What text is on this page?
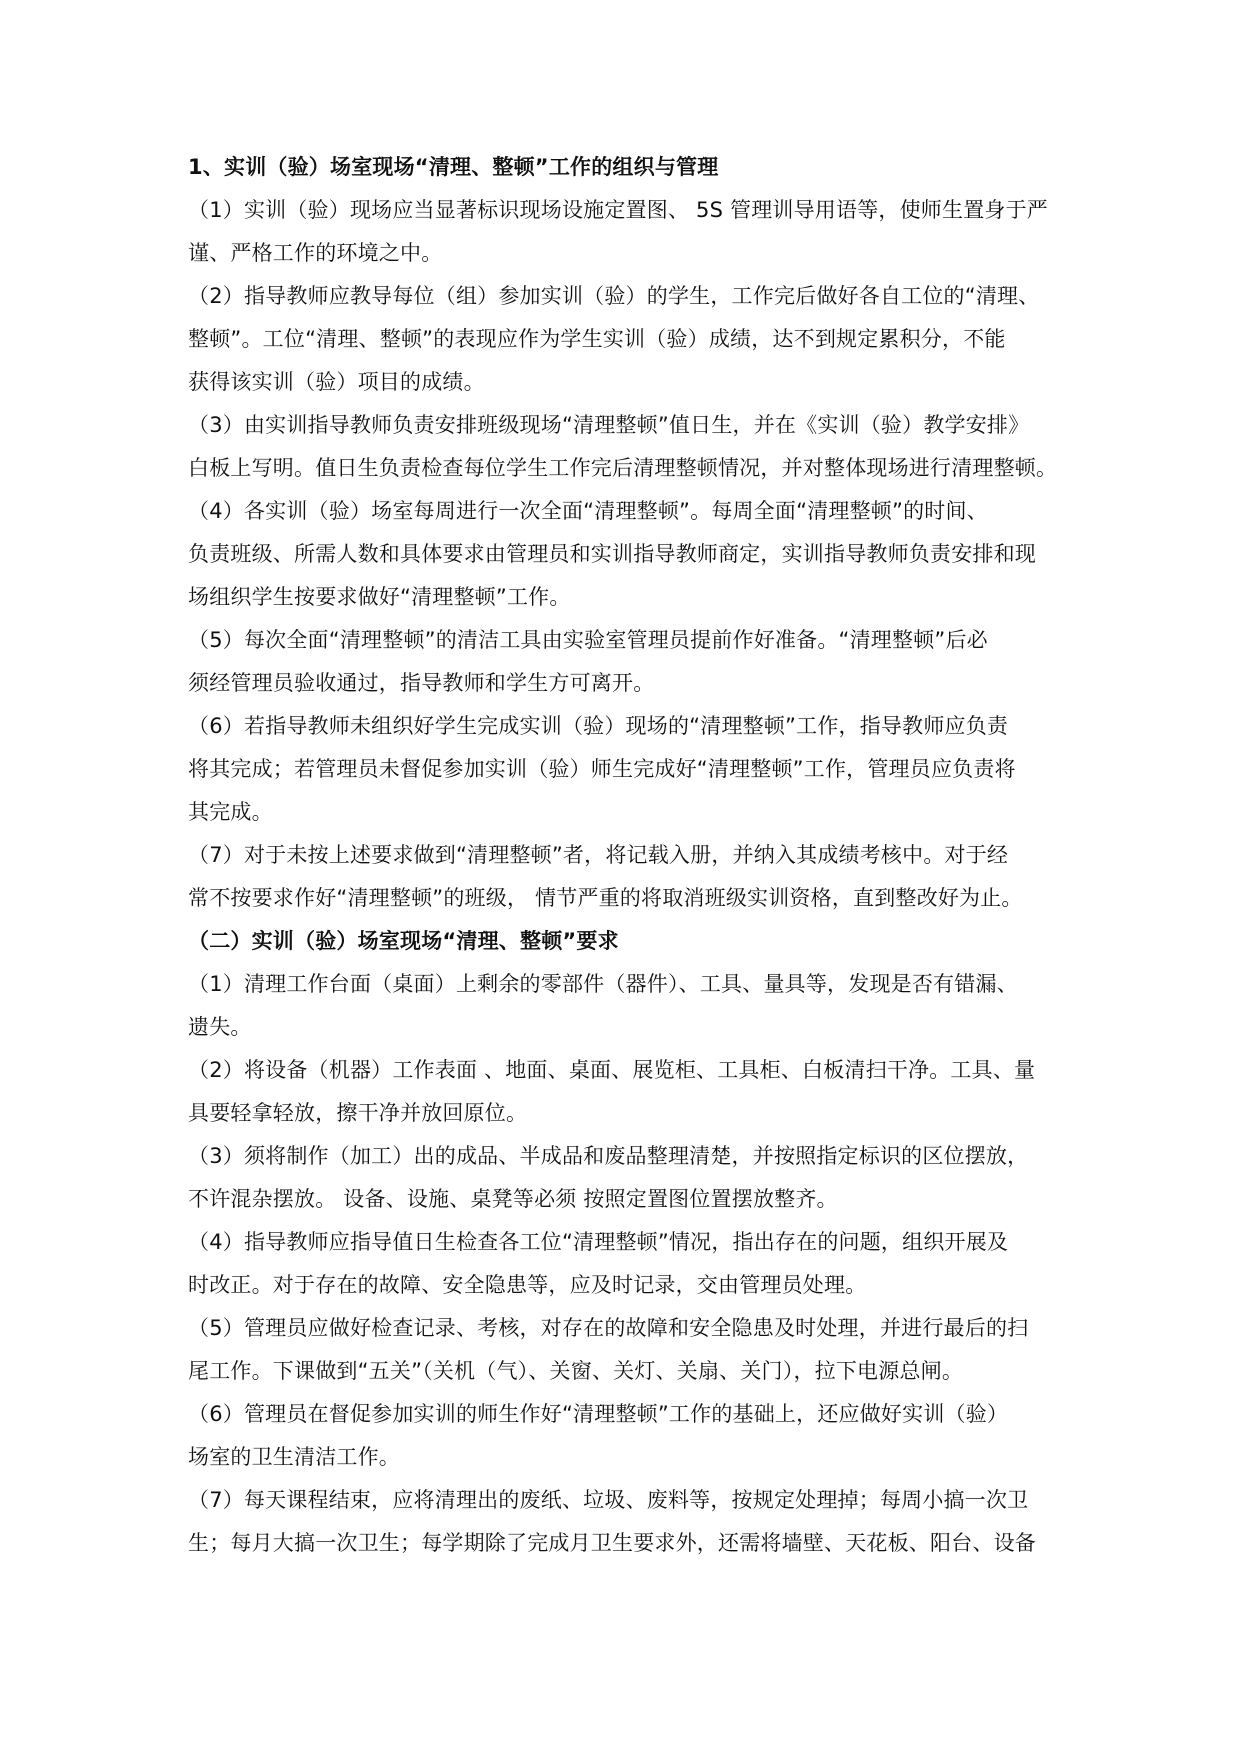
1、实训（验）场室现场“清理、整顿”工作的组织与管理
（1）实训（验）现场应当显著标识现场设施定置图、 5S 管理训导用语等，使师生置身于严
谨、严格工作的环境之中。
（2）指导教师应教导每位（组）参加实训（验）的学生，工作完后做好各自工位的“清理、
整顿”。工位“清理、整顿”的表现应作为学生实训（验）成绩，达不到规定累积分，不能
获得该实训（验）项目的成绩。
（3）由实训指导教师负责安排班级现场“清理整顿”值日生，并在《实训（验）教学安排》
白板上写明。值日生负责检查每位学生工作完后清理整顿情况，并对整体现场进行清理整顿。
（4）各实训（验）场室每周进行一次全面“清理整顿”。每周全面“清理整顿”的时间、
负责班级、所需人数和具体要求由管理员和实训指导教师商定，实训指导教师负责安排和现
场组织学生按要求做好“清理整顿”工作。
（5）每次全面“清理整顿”的清洁工具由实验室管理员提前作好准备。“清理整顿”后必
须经管理员验收通过，指导教师和学生方可离开。
（6）若指导教师未组织好学生完成实训（验）现场的“清理整顿”工作，指导教师应负责
将其完成；若管理员未督促参加实训（验）师生完成好“清理整顿”工作，管理员应负责将
其完成。
（7）对于未按上述要求做到“清理整顿”者，将记载入册，并纳入其成绩考核中。对于经
常不按要求作好“清理整顿”的班级， 情节严重的将取消班级实训资格，直到整改好为止。
（二）实训（验）场室现场“清理、整顿”要求
（1）清理工作台面（桌面）上剩余的零部件（器件）、工具、量具等，发现是否有错漏、
遗失。
（2）将设备（机器）工作表面 、地面、桌面、展览柜、工具柜、白板清扫干净。工具、量
具要轻拿轻放，擦干净并放回原位。
（3）须将制作（加工）出的成品、半成品和废品整理清楚，并按照指定标识的区位摆放，
不许混杂摆放。 设备、设施、桌凳等必须 按照定置图位置摆放整齐。
（4）指导教师应指导值日生检查各工位“清理整顿”情况，指出存在的问题，组织开展及
时改正。对于存在的故障、安全隐患等，应及时记录，交由管理员处理。
（5）管理员应做好检查记录、考核，对存在的故障和安全隐患及时处理，并进行最后的扫
尾工作。下课做到“五关”（关机（气）、关窗、关灯、关扇、关门），拉下电源总闸。
（6）管理员在督促参加实训的师生作好“清理整顿”工作的基础上，还应做好实训（验）
场室的卫生清洁工作。
（7）每天课程结束，应将清理出的废纸、垃圾、废料等，按规定处理掉；每周小搞一次卫
生；每月大搞一次卫生；每学期除了完成月卫生要求外，还需将墙壁、天花板、阳台、设备
